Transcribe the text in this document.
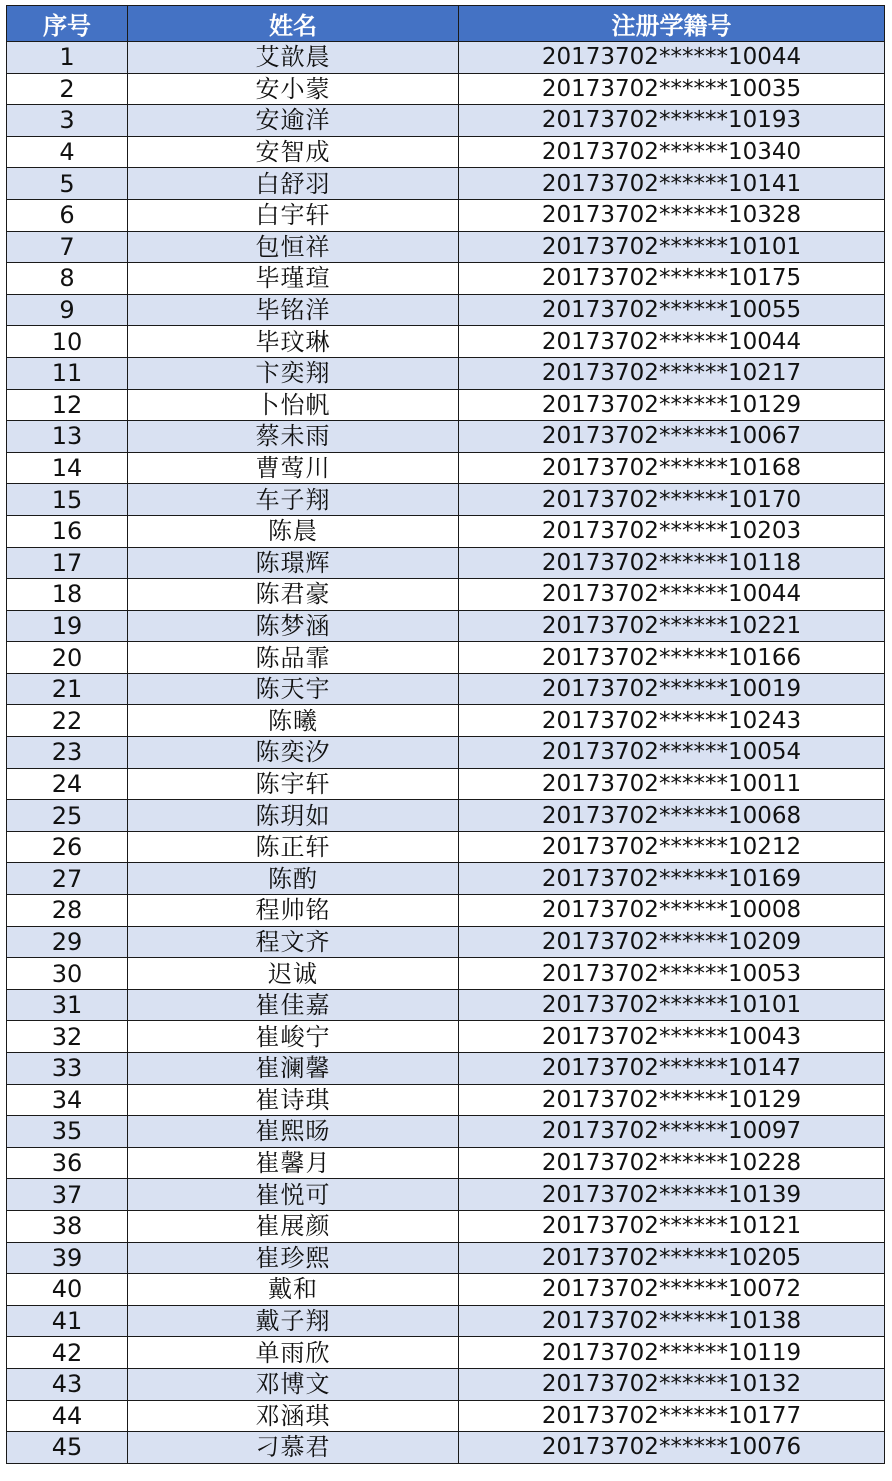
序号	姓名	注册学籍号
1	艾歆晨	20173702******10044
2	安小蒙	20173702******10035
3	安逾洋	20173702******10193
4	安智成	20173702******10340
5	白舒羽	20173702******10141
6	白宇轩	20173702******10328
7	包恒祥	20173702******10101
8	毕瑾瑄	20173702******10175
9	毕铭洋	20173702******10055
10	毕玟琳	20173702******10044
11	卞奕翔	20173702******10217
12	卜怡帆	20173702******10129
13	蔡未雨	20173702******10067
14	曹莺川	20173702******10168
15	车子翔	20173702******10170
16	陈晨	20173702******10203
17	陈璟辉	20173702******10118
18	陈君豪	20173702******10044
19	陈梦涵	20173702******10221
20	陈品霏	20173702******10166
21	陈天宇	20173702******10019
22	陈曦	20173702******10243
23	陈奕汐	20173702******10054
24	陈宇轩	20173702******10011
25	陈玥如	20173702******10068
26	陈正轩	20173702******10212
27	陈酌	20173702******10169
28	程帅铭	20173702******10008
29	程文齐	20173702******10209
30	迟诚	20173702******10053
31	崔佳嘉	20173702******10101
32	崔峻宁	20173702******10043
33	崔澜馨	20173702******10147
34	崔诗琪	20173702******10129
35	崔熙旸	20173702******10097
36	崔馨月	20173702******10228
37	崔悦可	20173702******10139
38	崔展颜	20173702******10121
39	崔珍熙	20173702******10205
40	戴和	20173702******10072
41	戴子翔	20173702******10138
42	单雨欣	20173702******10119
43	邓博文	20173702******10132
44	邓涵琪	20173702******10177
45	刁慕君	20173702******10076
